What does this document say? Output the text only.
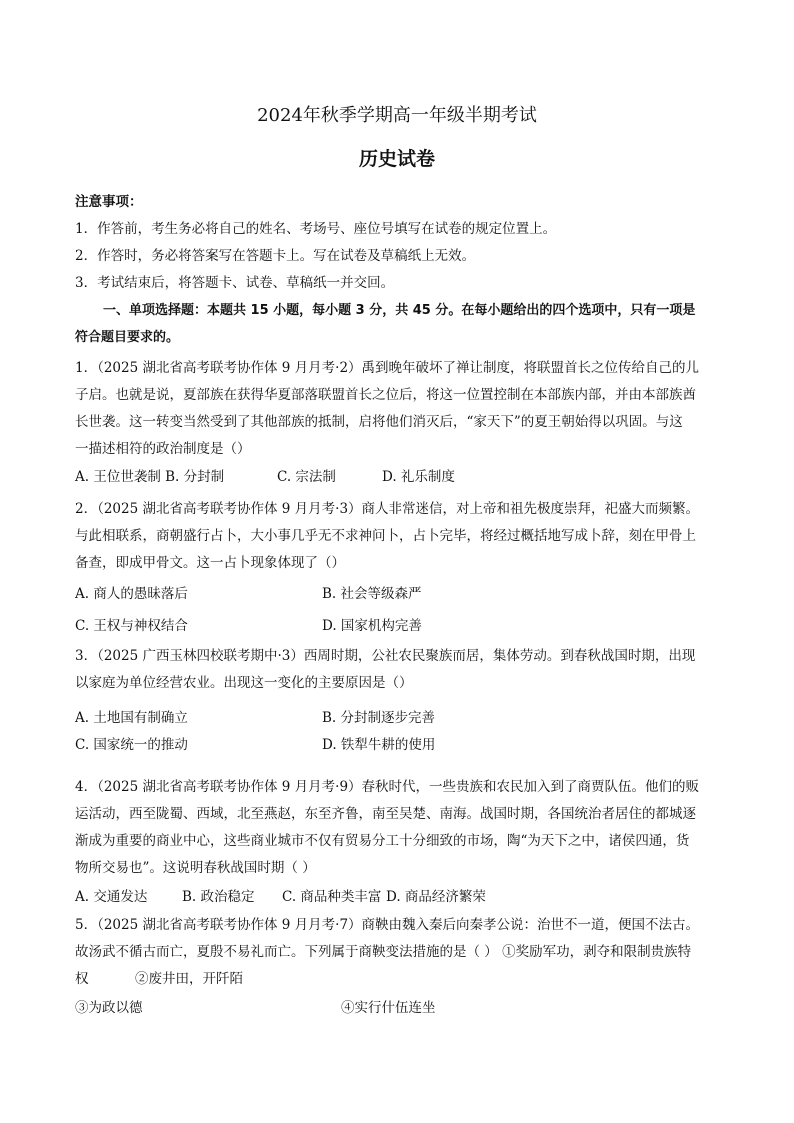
2024年秋季学期高一年级半期考试
历史试卷
注意事项：
1．作答前，考生务必将自己的姓名、考场号、座位号填写在试卷的规定位置上。
2．作答时，务必将答案写在答题卡上。写在试卷及草稿纸上无效。
3．考试结束后，将答题卡、试卷、草稿纸一并交回。
一、单项选择题：本题共 15 小题，每小题 3 分，共 45 分。在每小题给出的四个选项中，只有一项是
符合题目要求的。
1．（2025 湖北省高考联考协作体 9 月月考·2）禹到晚年破坏了禅让制度，将联盟首长之位传给自己的儿
子启。也就是说，夏部族在获得华夏部落联盟首长之位后，将这一位置控制在本部族内部，并由本部族酋
长世袭。这一转变当然受到了其他部族的抵制，启将他们消灭后，“家天下”的夏王朝始得以巩固。与这
一描述相符的政治制度是（）
A. 王位世袭制 B. 分封制	C. 宗法制	D. 礼乐制度
2．（2025 湖北省高考联考协作体 9 月月考·3）商人非常迷信，对上帝和祖先极度崇拜，祀盛大而频繁。
与此相联系，商朝盛行占卜，大小事几乎无不求神问卜，占卜完毕，将经过概括地写成卜辞，刻在甲骨上
备查，即成甲骨文。这一占卜现象体现了（）
A. 商人的愚昧落后	B. 社会等级森严
C. 王权与神权结合	D. 国家机构完善
3．（2025 广西玉林四校联考期中·3）西周时期，公社农民聚族而居，集体劳动。到春秋战国时期，出现
以家庭为单位经营农业。出现这一变化的主要原因是（）
A. 土地国有制确立	B. 分封制逐步完善
C. 国家统一的推动	D. 铁犁牛耕的使用
4．（2025 湖北省高考联考协作体 9 月月考·9）春秋时代，一些贵族和农民加入到了商贾队伍。他们的贩
运活动，西至陇蜀、西域，北至燕赵，东至齐鲁，南至吴楚、南海。战国时期，各国统治者居住的都城逐
渐成为重要的商业中心，这些商业城市不仅有贸易分工十分细致的市场，陶“为天下之中，诸侯四通，货
物所交易也”。这说明春秋战国时期（ ）
A. 交通发达	B. 政治稳定 C. 商品种类丰富 D. 商品经济繁荣
5．（2025 湖北省高考联考协作体 9 月月考·7）商鞅由魏入秦后向秦孝公说：治世不一道，便国不法古。
故汤武不循古而亡，夏殷不易礼而亡。下列属于商鞅变法措施的是（ ） ①奖励军功，剥夺和限制贵族特
权	②废井田，开阡陌
③为政以德	④实行什伍连坐
